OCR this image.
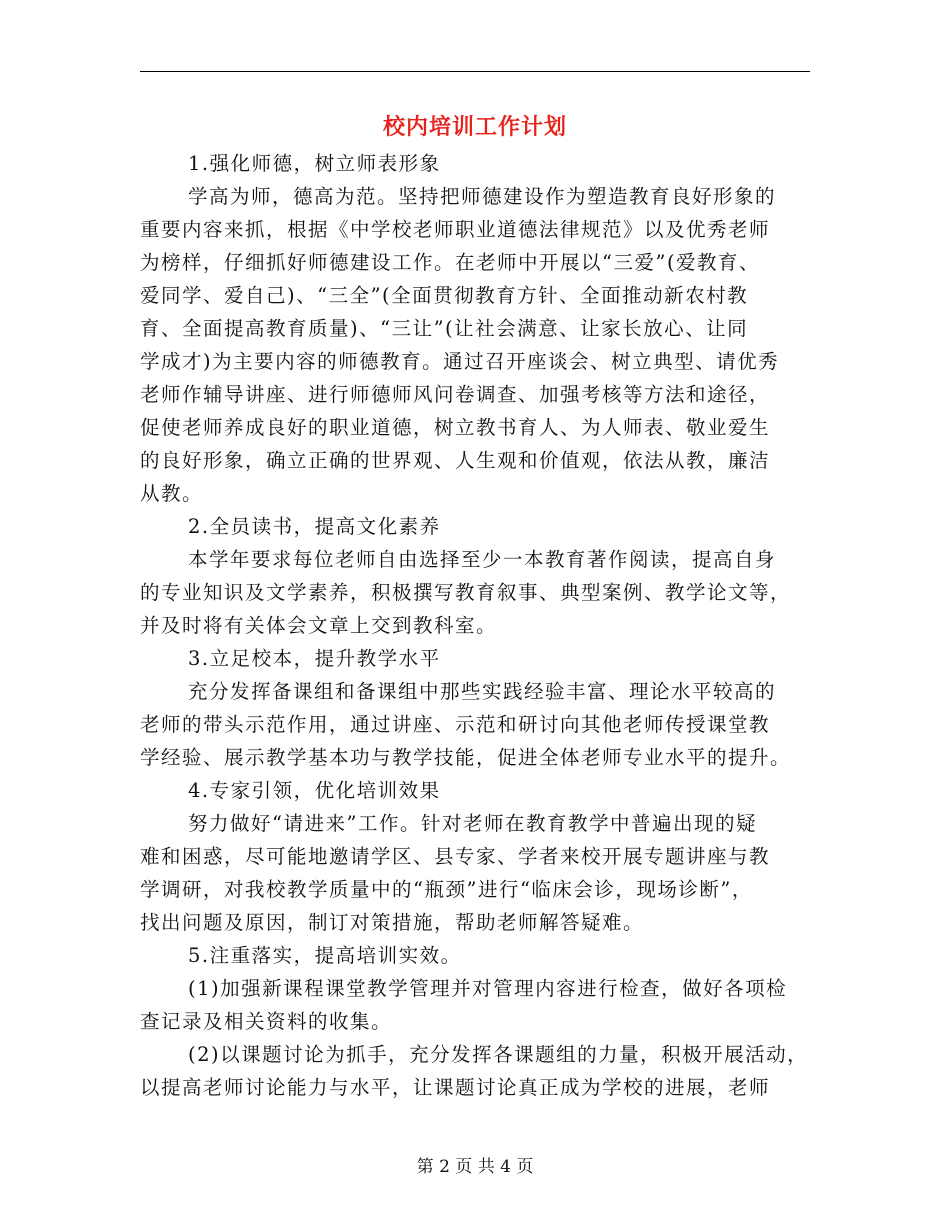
校内培训工作计划
1.强化师德，树立师表形象
学高为师，德高为范。坚持把师德建设作为塑造教育良好形象的
重要内容来抓，根据《中学校老师职业道德法律规范》以及优秀老师
为榜样，仔细抓好师德建设工作。在老师中开展以“三爱”(爱教育、
爱同学、爱自己)、“三全”(全面贯彻教育方针、全面推动新农村教
育、全面提高教育质量)、“三让”(让社会满意、让家长放心、让同
学成才)为主要内容的师德教育。通过召开座谈会、树立典型、请优秀
老师作辅导讲座、进行师德师风问卷调查、加强考核等方法和途径，
促使老师养成良好的职业道德，树立教书育人、为人师表、敬业爱生
的良好形象，确立正确的世界观、人生观和价值观，依法从教，廉洁
从教。
2.全员读书，提高文化素养
本学年要求每位老师自由选择至少一本教育著作阅读，提高自身
的专业知识及文学素养，积极撰写教育叙事、典型案例、教学论文等，
并及时将有关体会文章上交到教科室。
3.立足校本，提升教学水平
充分发挥备课组和备课组中那些实践经验丰富、理论水平较高的
老师的带头示范作用，通过讲座、示范和研讨向其他老师传授课堂教
学经验、展示教学基本功与教学技能，促进全体老师专业水平的提升。
4.专家引领，优化培训效果
努力做好“请进来”工作。针对老师在教育教学中普遍出现的疑
难和困惑，尽可能地邀请学区、县专家、学者来校开展专题讲座与教
学调研，对我校教学质量中的“瓶颈”进行“临床会诊，现场诊断”，
找出问题及原因，制订对策措施，帮助老师解答疑难。
5.注重落实，提高培训实效。
(1)加强新课程课堂教学管理并对管理内容进行检查，做好各项检
查记录及相关资料的收集。
(2)以课题讨论为抓手，充分发挥各课题组的力量，积极开展活动，
以提高老师讨论能力与水平，让课题讨论真正成为学校的进展，老师
第 2 页 共 4 页
